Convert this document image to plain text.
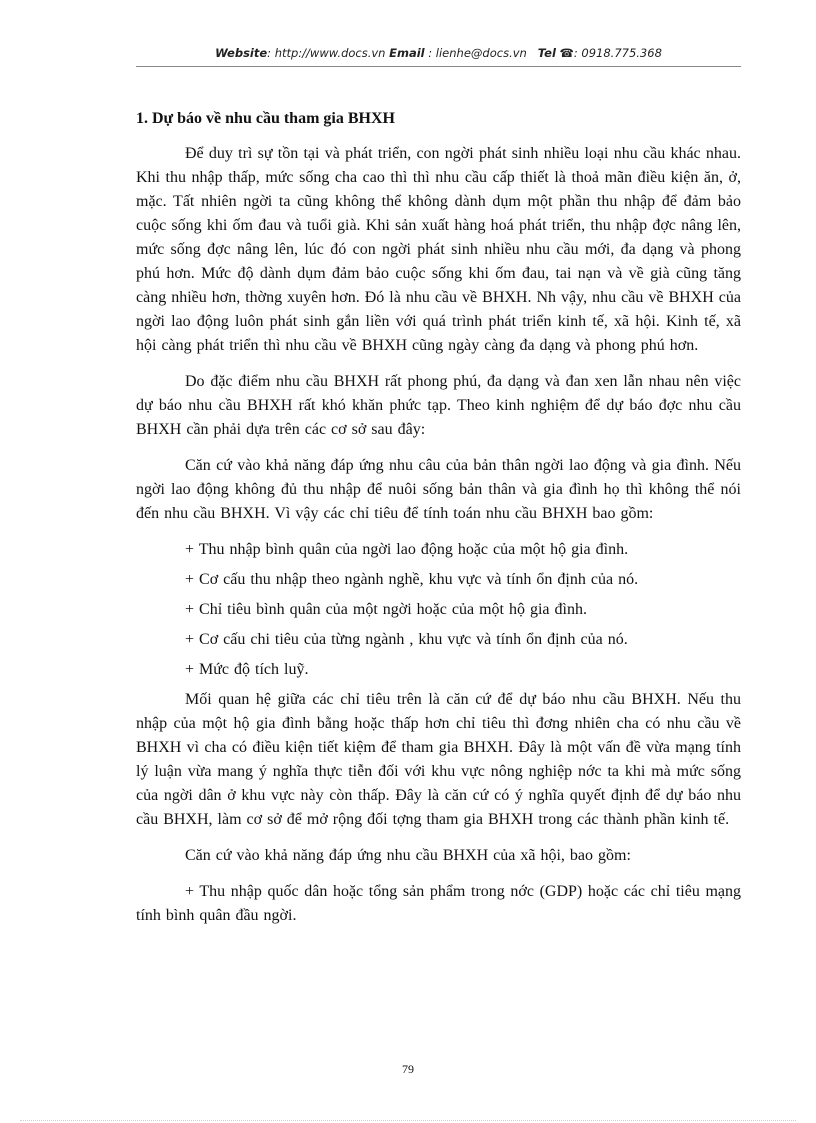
Website: http://www.docs.vn Email : lienhe@docs.vn Tel ☎: 0918.775.368
1. Dự báo về nhu cầu tham gia BHXH

Để duy trì sự tồn tại và phát triển, con ngời phát sinh nhiều loại nhu cầu khác nhau. Khi thu nhập thấp, mức sống cha cao thì thì nhu cầu cấp thiết là thoả mãn điều kiện ăn, ở, mặc. Tất nhiên ngời ta cũng không thể không dành dụm một phần thu nhập để đảm bảo cuộc sống khi ốm đau và tuổi già. Khi sản xuất hàng hoá phát triển, thu nhập đợc nâng lên, mức sống đợc nâng lên, lúc đó con ngời phát sinh nhiều nhu cầu mới, đa dạng và phong phú hơn. Mức độ dành dụm đảm bảo cuộc sống khi ốm đau, tai nạn và về già cũng tăng càng nhiều hơn, thờng xuyên hơn. Đó là nhu cầu về BHXH. Nh vậy, nhu cầu về BHXH của ngời lao động luôn phát sinh gắn liền với quá trình phát triển kinh tế, xã hội. Kinh tế, xã hội càng phát triển thì nhu cầu về BHXH cũng ngày càng đa dạng và phong phú hơn.

Do đặc điểm nhu cầu BHXH rất phong phú, đa dạng và đan xen lẫn nhau nên việc dự báo nhu cầu BHXH rất khó khăn phức tạp. Theo kinh nghiệm để dự báo đợc nhu cầu BHXH cần phải dựa trên các cơ sở sau đây:

Căn cứ vào khả năng đáp ứng nhu câu của bản thân ngời lao động và gia đình. Nếu ngời lao động không đủ thu nhập để nuôi sống bản thân và gia đình họ thì không thể nói đến nhu cầu BHXH. Vì vậy các chỉ tiêu để tính toán nhu cầu BHXH bao gồm:

+ Thu nhập bình quân của ngời lao động hoặc của một hộ gia đình.

+ Cơ cấu thu nhập theo ngành nghề, khu vực và tính ổn định của nó.

+ Chỉ tiêu bình quân của một ngời hoặc của một hộ gia đình.

+ Cơ cấu chi tiêu của từng ngành , khu vực và tính ổn định của nó.

+ Mức độ tích luỹ.

Mối quan hệ giữa các chỉ tiêu trên là căn cứ để dự báo nhu cầu BHXH. Nếu thu nhập của một hộ gia đình bằng hoặc thấp hơn chỉ tiêu thì đơng nhiên cha có nhu cầu về BHXH vì cha có điều kiện tiết kiệm để tham gia BHXH. Đây là một vấn đề vừa mạng tính lý luận vừa mang ý nghĩa thực tiễn đối với khu vực nông nghiệp nớc ta khi mà mức sống của ngời dân ở khu vực này còn thấp. Đây là căn cứ có ý nghĩa quyết định để dự báo nhu cầu BHXH, làm cơ sở để mở rộng đối tợng tham gia BHXH trong các thành phần kinh tế.

Căn cứ vào khả năng đáp ứng nhu cầu BHXH của xã hội, bao gồm:

+ Thu nhập quốc dân hoặc tổng sản phẩm trong nớc (GDP) hoặc các chỉ tiêu mạng tính bình quân đầu ngời.

79
